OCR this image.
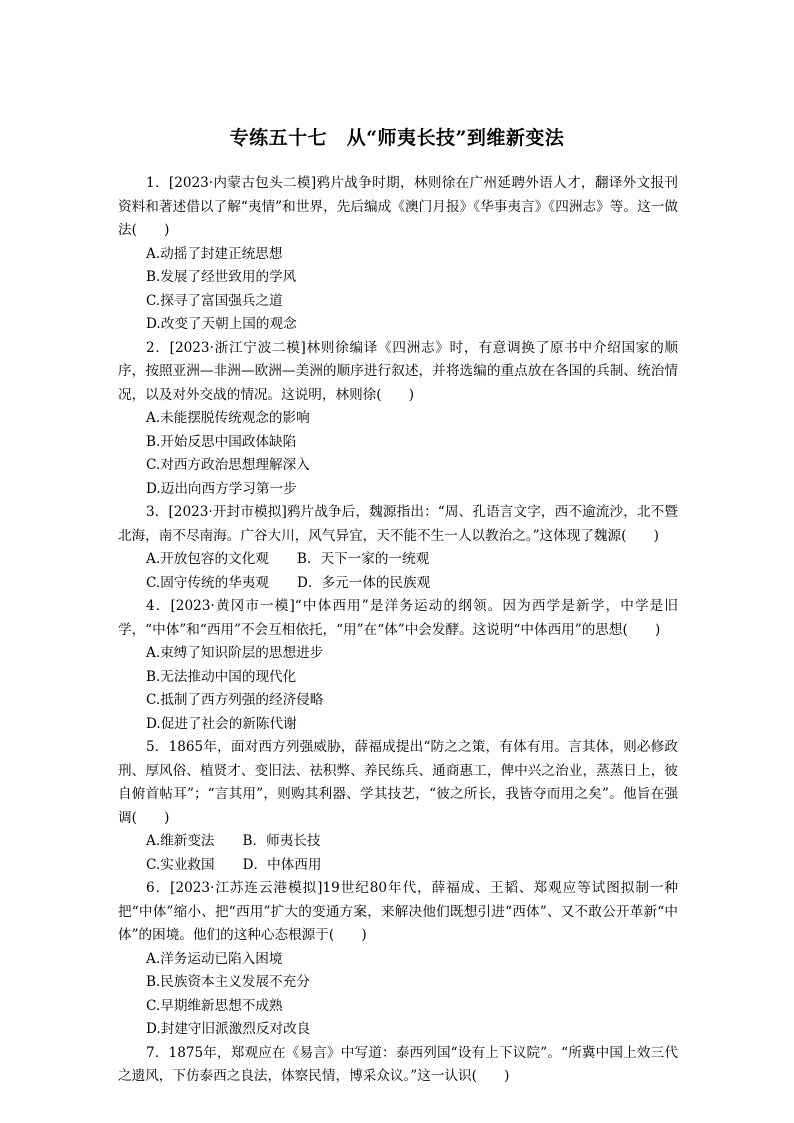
专练五十七　从“师夷长技”到维新变法

1．[2023·内蒙古包头二模]鸦片战争时期，林则徐在广州延聘外语人才，翻译外文报刊资料和著述借以了解“夷情”和世界，先后编成《澳门月报》《华事夷言》《四洲志》等。这一做法(　　)

A.动摇了封建正统思想

B.发展了经世致用的学风

C.探寻了富国强兵之道

D.改变了天朝上国的观念

2．[2023·浙江宁波二模]林则徐编译《四洲志》时，有意调换了原书中介绍国家的顺序，按照亚洲—非洲—欧洲—美洲的顺序进行叙述，并将选编的重点放在各国的兵制、统治情况，以及对外交战的情况。这说明，林则徐(　　)

A.未能摆脱传统观念的影响

B.开始反思中国政体缺陷

C.对西方政治思想理解深入

D.迈出向西方学习第一步

3．[2023·开封市模拟]鸦片战争后，魏源指出：“周、孔语言文字，西不逾流沙，北不暨北海，南不尽南海。广谷大川，风气异宜，天不能不生一人以教治之。”这体现了魏源(　　)

A.开放包容的文化观 B．天下一家的一统观

C.固守传统的华夷观 D．多元一体的民族观

4．[2023·黄冈市一模]“中体西用”是洋务运动的纲领。因为西学是新学，中学是旧学，“中体”和“西用”不会互相依托，“用”在“体”中会发酵。这说明“中体西用”的思想(　　)

A.束缚了知识阶层的思想进步

B.无法推动中国的现代化

C.抵制了西方列强的经济侵略

D.促进了社会的新陈代谢

5．1865年，面对西方列强威胁，薛福成提出“防之之策，有体有用。言其体，则必修政刑、厚风俗、植贤才、变旧法、祛积弊、养民练兵、通商惠工，俾中兴之治业，蒸蒸日上，彼自俯首帖耳”；“言其用”，则购其利器、学其技艺，“彼之所长，我皆夺而用之矣”。他旨在强调(　　)

A.维新变法 B．师夷长技

C.实业救国 D．中体西用

6．[2023·江苏连云港模拟]19世纪80年代，薛福成、王韬、郑观应等试图拟制一种把“中体”缩小、把“西用”扩大的变通方案，来解决他们既想引进“西体”、又不敢公开革新“中体”的困境。他们的这种心态根源于(　　)

A.洋务运动已陷入困境

B.民族资本主义发展不充分

C.早期维新思想不成熟

D.封建守旧派激烈反对改良

7．1875年，郑观应在《易言》中写道：泰西列国“设有上下议院”。“所冀中国上效三代之遗风，下仿泰西之良法，体察民情，博采众议。”这一认识(　　)
